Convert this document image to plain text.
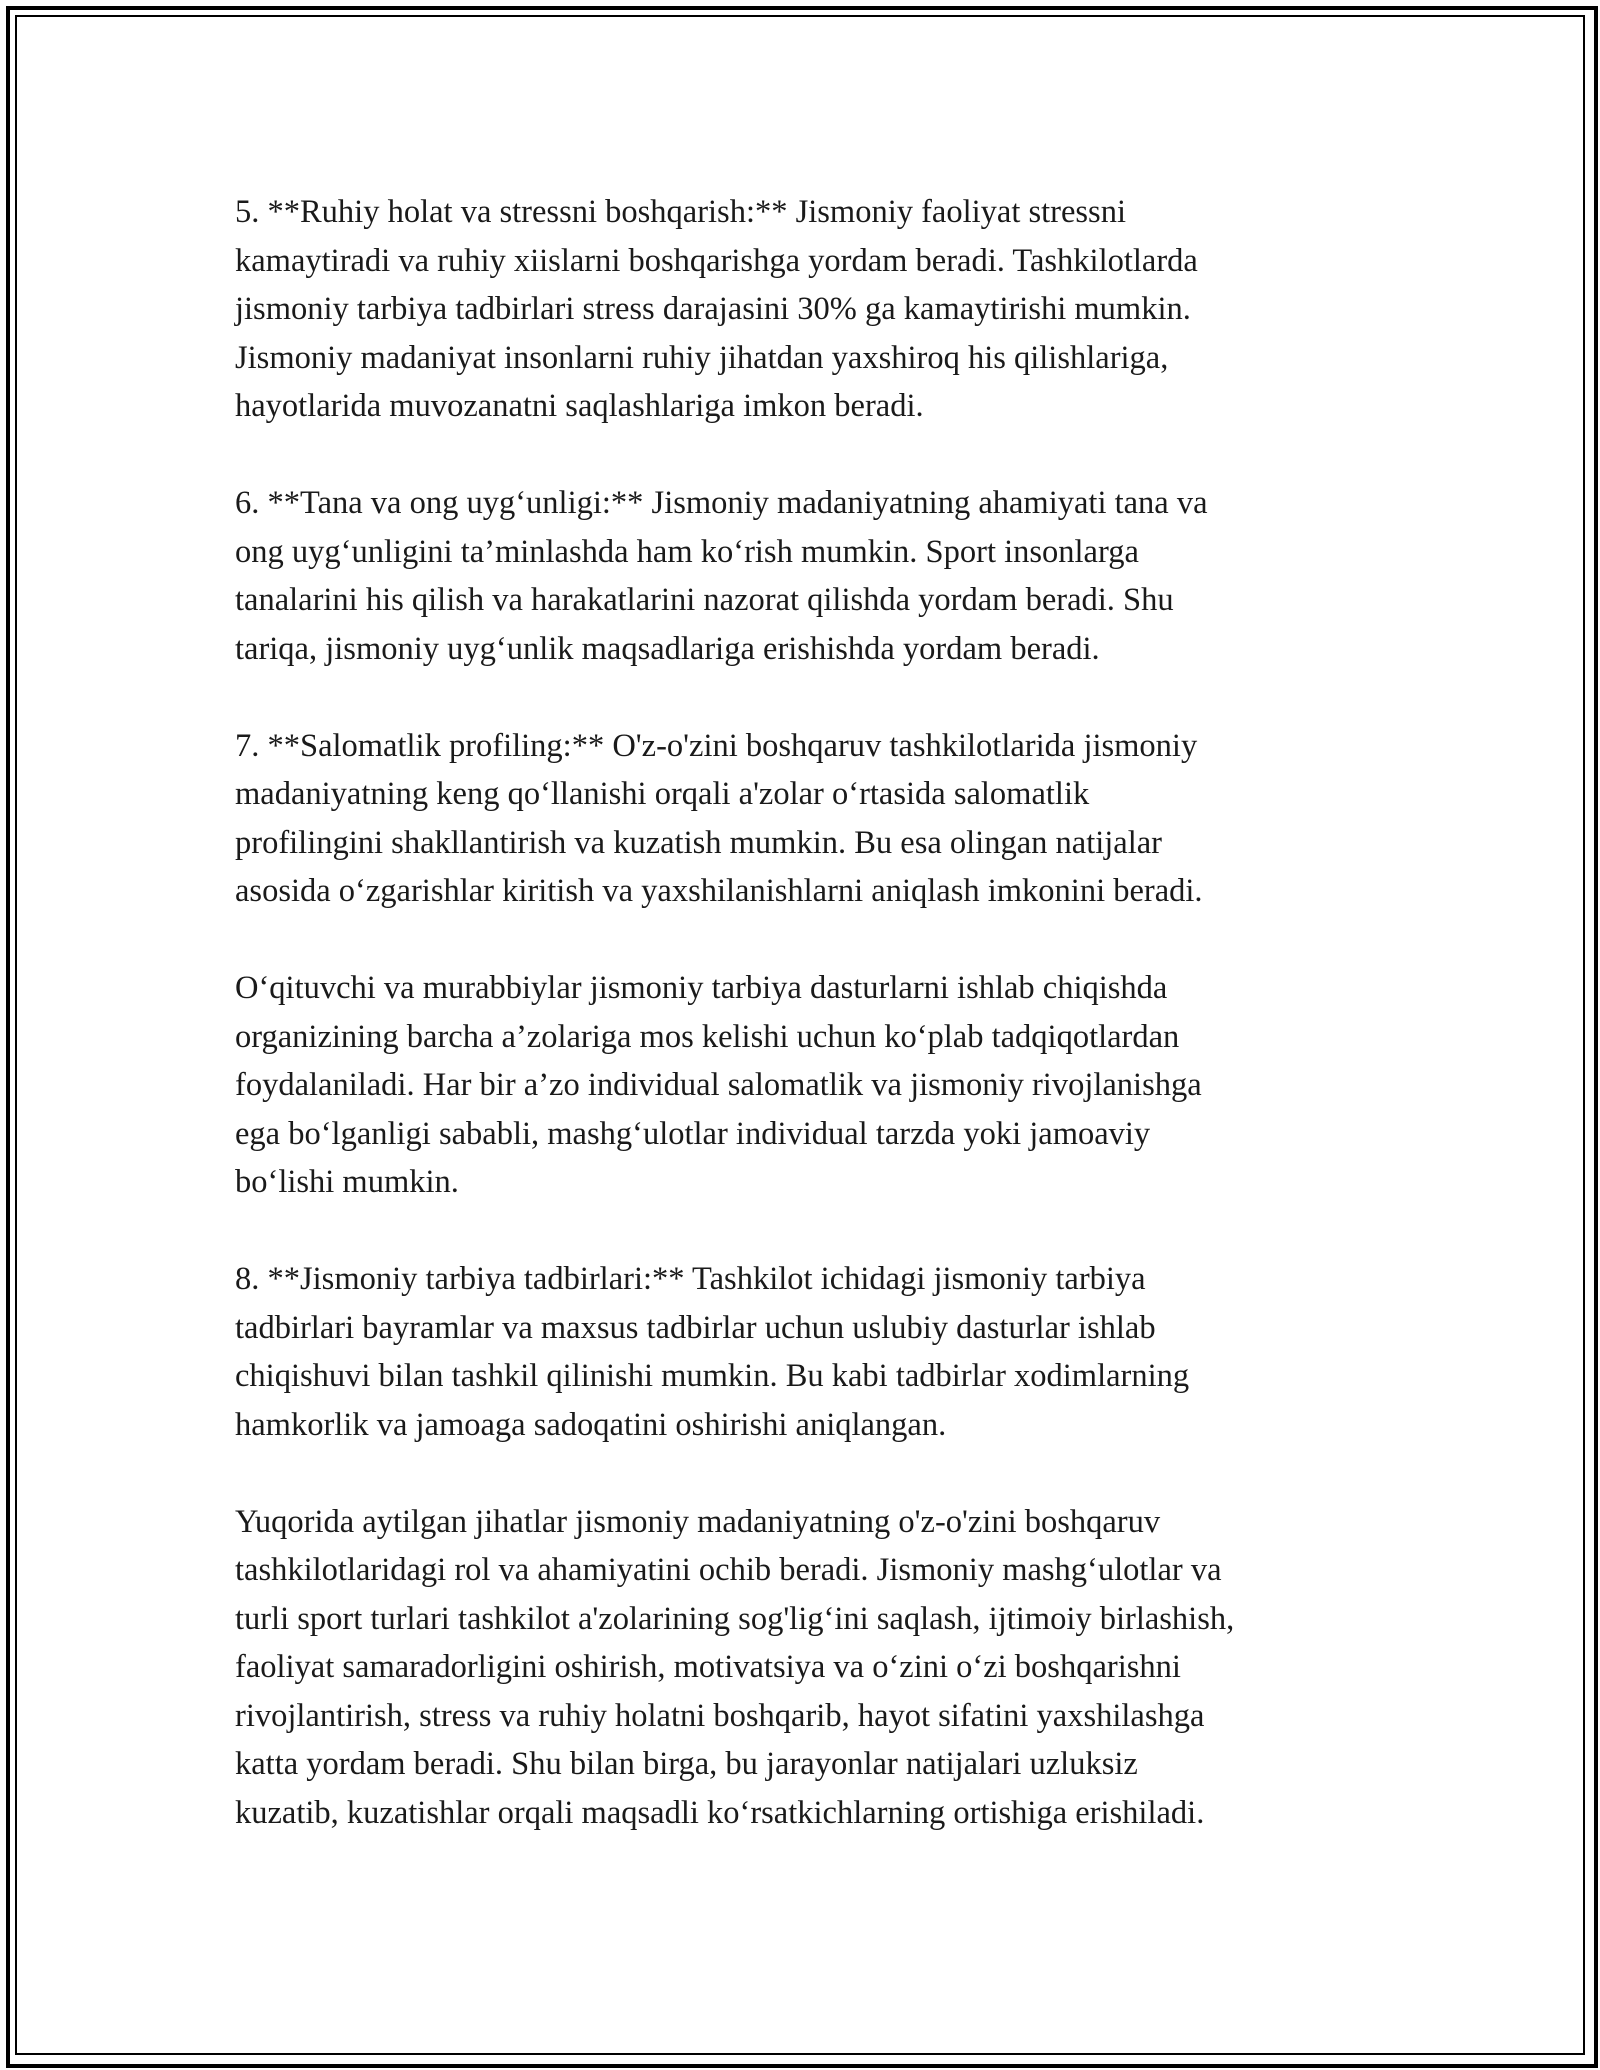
5. **Ruhiy holat va stressni boshqarish:** Jismoniy faoliyat stressni
kamaytiradi va ruhiy xiislarni boshqarishga yordam beradi. Tashkilotlarda
jismoniy tarbiya tadbirlari stress darajasini 30% ga kamaytirishi mumkin.
Jismoniy madaniyat insonlarni ruhiy jihatdan yaxshiroq his qilishlariga,
hayotlarida muvozanatni saqlashlariga imkon beradi.

6. **Tana va ong uyg‘unligi:** Jismoniy madaniyatning ahamiyati tana va
ong uyg‘unligini ta’minlashda ham ko‘rish mumkin. Sport insonlarga
tanalarini his qilish va harakatlarini nazorat qilishda yordam beradi. Shu
tariqa, jismoniy uyg‘unlik maqsadlariga erishishda yordam beradi.

7. **Salomatlik profiling:** O'z-o'zini boshqaruv tashkilotlarida jismoniy
madaniyatning keng qo‘llanishi orqali a'zolar o‘rtasida salomatlik
profilingini shakllantirish va kuzatish mumkin. Bu esa olingan natijalar
asosida o‘zgarishlar kiritish va yaxshilanishlarni aniqlash imkonini beradi.

O‘qituvchi va murabbiylar jismoniy tarbiya dasturlarni ishlab chiqishda
organizining barcha a’zolariga mos kelishi uchun ko‘plab tadqiqotlardan
foydalaniladi. Har bir a’zo individual salomatlik va jismoniy rivojlanishga
ega bo‘lganligi sababli, mashg‘ulotlar individual tarzda yoki jamoaviy
bo‘lishi mumkin.

8. **Jismoniy tarbiya tadbirlari:** Tashkilot ichidagi jismoniy tarbiya
tadbirlari bayramlar va maxsus tadbirlar uchun uslubiy dasturlar ishlab
chiqishuvi bilan tashkil qilinishi mumkin. Bu kabi tadbirlar xodimlarning
hamkorlik va jamoaga sadoqatini oshirishi aniqlangan.

Yuqorida aytilgan jihatlar jismoniy madaniyatning o'z-o'zini boshqaruv
tashkilotlaridagi rol va ahamiyatini ochib beradi. Jismoniy mashg‘ulotlar va
turli sport turlari tashkilot a'zolarining sog'lig‘ini saqlash, ijtimoiy birlashish,
faoliyat samaradorligini oshirish, motivatsiya va o‘zini o‘zi boshqarishni
rivojlantirish, stress va ruhiy holatni boshqarib, hayot sifatini yaxshilashga
katta yordam beradi. Shu bilan birga, bu jarayonlar natijalari uzluksiz
kuzatib, kuzatishlar orqali maqsadli ko‘rsatkichlarning ortishiga erishiladi.
